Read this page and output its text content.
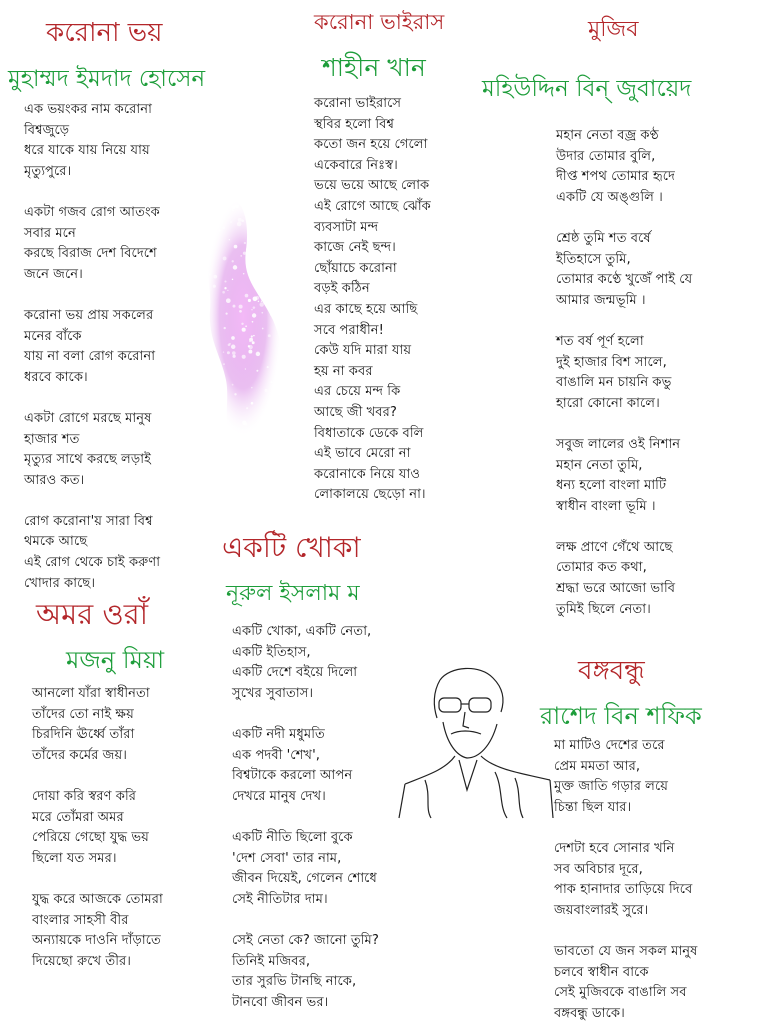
করোনা ভয়
মুহাম্মদ ইমদাদ হোসেন
করোনা ভাইরাস
শাহীন খান
মুজিব
মহিউদ্দিন বিন্ জুবায়েদ
একটি খোকা
নূরুল ইসলাম ম
অমর ওরাঁ
মজনু মিয়া	বঙ্গবন্ধু
রাশেদ বিন শফিক
এক ভয়ংকর নাম করোনা
বিশ্বজুড়ে
ধরে যাকে যায় নিয়ে যায়
মৃত্যুপুরে।
একটা গজব রোগ আতংক
সবার মনে
করছে বিরাজ দেশ বিদেশে
জনে জনে।
করোনা ভয় প্রায় সকলের
মনের বাঁকে
যায় না বলা রোগ করোনা
ধরবে কাকে।
একটা রোগে মরছে মানুষ
হাজার শত
মৃত্যুর সাথে করছে লড়াই
আরও কত।
রোগ করোনা'য় সারা বিশ্ব
থমকে আছে
এই রোগ থেকে চাই করুণা
খোদার কাছে।
করোনা ভাইরাসে
স্থবির হলো বিশ্ব
কতো জন হয়ে গেলো
একেবারে নিঃস্ব।
ভয়ে ভয়ে আছে লোক
এই রোগে আছে ঝোঁক
ব্যবসাটা মন্দ
কাজে নেই ছন্দ।
ছোঁয়াচে করোনা
বড়ই কঠিন
এর কাছে হয়ে আছি
সবে পরাধীন!
কেউ যদি মারা যায়
হয় না কবর
এর চেয়ে মন্দ কি
আছে জী খবর?
বিধাতাকে ডেকে বলি
এই ভাবে মেরো না
করোনাকে নিয়ে যাও
লোকালয়ে ছেড়ো না।
মহান নেতা বজ্র কণ্ঠ
উদার তোমার বুলি,
দীপ্ত শপথ তোমার হৃদে
একটি যে অঙ্গুলি ।
শ্রেষ্ঠ তুমি শত বর্ষে
ইতিহাসে তুমি,
তোমার কণ্ঠে খুজেঁ পাই যে
আমার জন্মভূমি ।
শত বর্ষ পূর্ণ হলো
দুই হাজার বিশ সালে,
বাঙালি মন চায়নি কভু
হারো কোনো কালে।
সবুজ লালের ওই নিশান
মহান নেতা তুমি,
ধন্য হলো বাংলা মাটি
স্বাধীন বাংলা ভূমি ।
লক্ষ প্রাণে গেঁথে আছে
তোমার কত কথা,
শ্রদ্ধা ভরে আজো ভাবি
তুমিই ছিলে নেতা।
একটি খোকা, একটি নেতা,
একটি ইতিহাস,
একটি দেশে বইয়ে দিলো
সুখের সুবাতাস।
একটি নদী মধুমতি
এক পদবী 'শেখ',
বিশ্বটাকে করলো আপন
দেখরে মানুষ দেখ।
একটি নীতি ছিলো বুকে
'দেশ সেবা' তার নাম,
জীবন দিয়েই, গেলেন শোধে
সেই নীতিটার দাম।
সেই নেতা কে? জানো তুমি?
তিনিই মজিবর,
তার সুরভি টানছি নাকে,
টানবো জীবন ভর।
আনলো যাঁরা স্বাধীনতা
তাঁদের তো নাই ক্ষয়
চিরদিনি ঊর্ধ্বে তাঁরা
তাঁদের কর্মের জয়।
দোয়া করি স্বরণ করি
মরে তোঁমরা অমর
পেরিয়ে গেছো যুদ্ধ ভয়
ছিলো যত সমর।
যুদ্ধ করে আজকে তোমরা
বাংলার সাহসী বীর
অন্যায়কে দাওনি দাঁড়াতে
দিয়েছো রুখে তীর।
মা মাটিও দেশের তরে
প্রেম মমতা আর,
মুক্ত জাতি গড়ার লয়ে
চিন্তা ছিল যার।
দেশটা হবে সোনার খনি
সব অবিচার দূরে,
পাক হানাদার তাড়িয়ে দিবে
জয়বাংলারই সুরে।
ভাবতো যে জন সকল মানুষ
চলবে স্বাধীন বাকে
সেই মুজিবকে বাঙালি সব
বঙ্গবন্ধু ডাকে।
